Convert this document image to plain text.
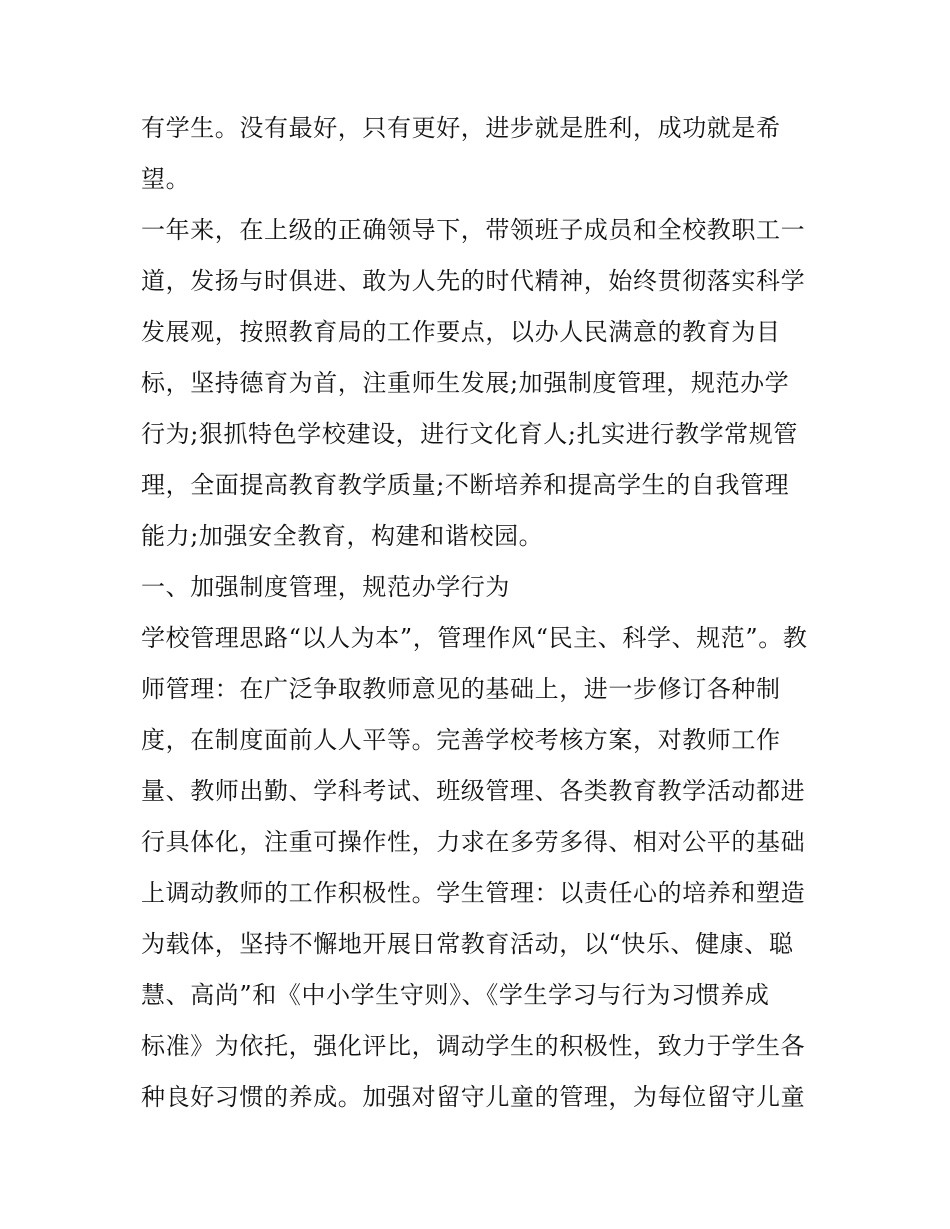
有学生。没有最好，只有更好，进步就是胜利，成功就是希
望。
一年来，在上级的正确领导下，带领班子成员和全校教职工一
道，发扬与时俱进、敢为人先的时代精神，始终贯彻落实科学
发展观，按照教育局的工作要点，以办人民满意的教育为目
标，坚持德育为首，注重师生发展;加强制度管理，规范办学
行为;狠抓特色学校建设，进行文化育人;扎实进行教学常规管
理，全面提高教育教学质量;不断培养和提高学生的自我管理
能力;加强安全教育，构建和谐校园。
一、加强制度管理，规范办学行为
学校管理思路“以人为本”，管理作风“民主、科学、规范”。教
师管理：在广泛争取教师意见的基础上，进一步修订各种制
度，在制度面前人人平等。完善学校考核方案，对教师工作
量、教师出勤、学科考试、班级管理、各类教育教学活动都进
行具体化，注重可操作性，力求在多劳多得、相对公平的基础
上调动教师的工作积极性。学生管理：以责任心的培养和塑造
为载体，坚持不懈地开展日常教育活动，以“快乐、健康、聪
慧、高尚”和《中小学生守则》、《学生学习与行为习惯养成
标准》为依托，强化评比，调动学生的积极性，致力于学生各
种良好习惯的养成。加强对留守儿童的管理，为每位留守儿童
